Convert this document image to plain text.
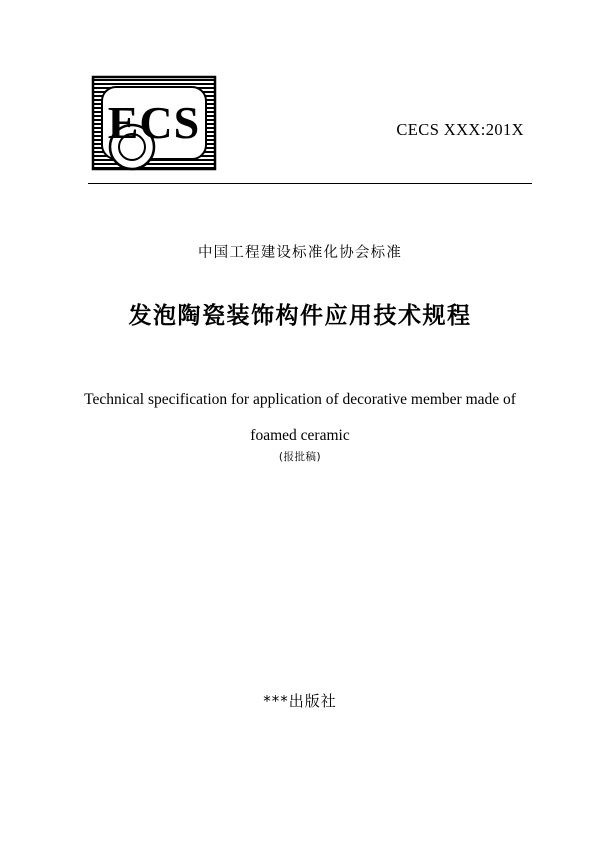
ECS	CECS XXX:201X
中国工程建设标准化协会标准
发泡陶瓷装饰构件应用技术规程
Technical specification for application of decorative member made of
foamed ceramic
(报批稿)
***出版社
